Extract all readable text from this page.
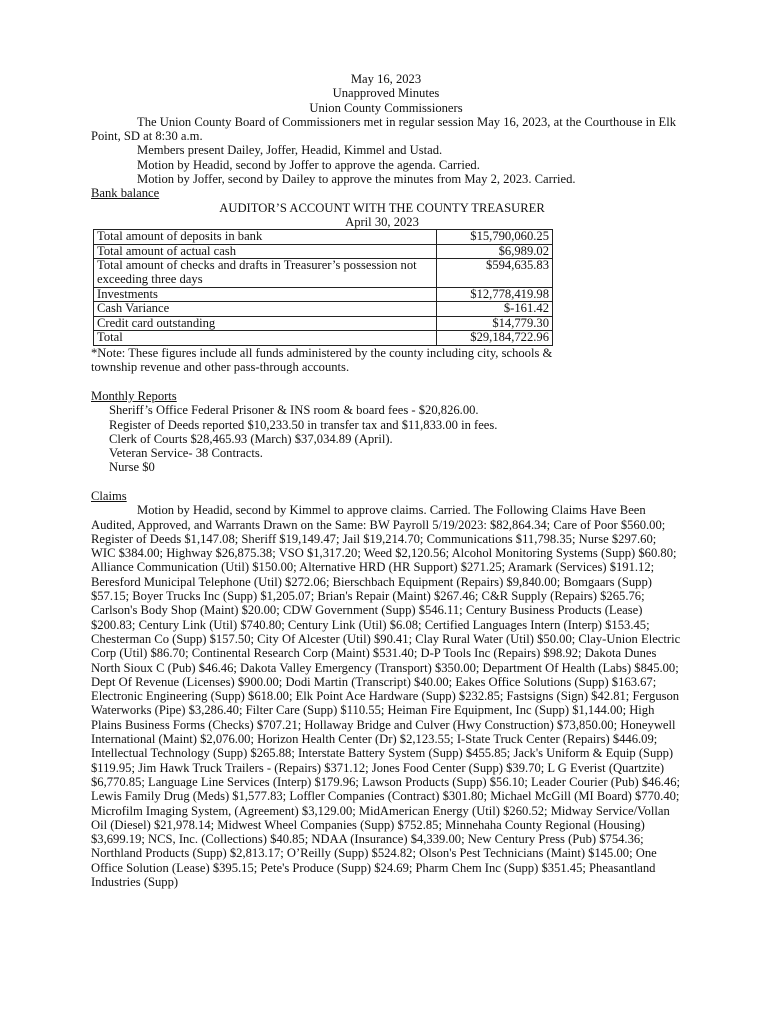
May 16, 2023

Unapproved Minutes

Union County Commissioners

The Union County Board of Commissioners met in regular session May 16, 2023, at the Courthouse in Elk Point, SD at 8:30 a.m.

Members present Dailey, Joffer, Headid, Kimmel and Ustad.

Motion by Headid, second by Joffer to approve the agenda. Carried.

Motion by Joffer, second by Dailey to approve the minutes from May 2, 2023. Carried.

Bank balance

AUDITOR’S ACCOUNT WITH THE COUNTY TREASURER

April 30, 2023

Total amount of deposits in bank	$15,790,060.25
Total amount of actual cash	$6,989.02
Total amount of checks and drafts in Treasurer’s possession not exceeding three days	$594,635.83
Investments	$12,778,419.98
Cash Variance	$-161.42
Credit card outstanding	$14,779.30
Total	$29,184,722.96

*Note: These figures include all funds administered by the county including city, schools & township revenue and other pass-through accounts.

Monthly Reports

Sheriff’s Office Federal Prisoner & INS room & board fees - $20,826.00.

Register of Deeds reported $10,233.50 in transfer tax and $11,833.00 in fees.

Clerk of Courts $28,465.93 (March) $37,034.89 (April).

Veteran Service- 38 Contracts.

Nurse $0

Claims

Motion by Headid, second by Kimmel to approve claims. Carried. The Following Claims Have Been Audited, Approved, and Warrants Drawn on the Same: BW Payroll 5/19/2023: $82,864.34; Care of Poor $560.00; Register of Deeds $1,147.08; Sheriff $19,149.47; Jail $19,214.70; Communications $11,798.35; Nurse $297.60; WIC $384.00; Highway $26,875.38; VSO $1,317.20; Weed $2,120.56; Alcohol Monitoring Systems (Supp) $60.80; Alliance Communication (Util) $150.00; Alternative HRD (HR Support) $271.25; Aramark (Services) $191.12; Beresford Municipal Telephone (Util) $272.06; Bierschbach Equipment (Repairs) $9,840.00; Bomgaars (Supp) $57.15; Boyer Trucks Inc (Supp) $1,205.07; Brian's Repair (Maint) $267.46; C&R Supply (Repairs) $265.76; Carlson's Body Shop (Maint) $20.00; CDW Government (Supp) $546.11; Century Business Products (Lease) $200.83; Century Link (Util) $740.80; Century Link (Util) $6.08; Certified Languages Intern (Interp) $153.45; Chesterman Co (Supp) $157.50; City Of Alcester (Util) $90.41; Clay Rural Water (Util) $50.00; Clay-Union Electric Corp (Util) $86.70; Continental Research Corp (Maint) $531.40; D-P Tools Inc (Repairs) $98.92; Dakota Dunes North Sioux C (Pub) $46.46; Dakota Valley Emergency (Transport) $350.00; Department Of Health (Labs) $845.00; Dept Of Revenue (Licenses) $900.00; Dodi Martin (Transcript) $40.00; Eakes Office Solutions (Supp) $163.67; Electronic Engineering (Supp) $618.00; Elk Point Ace Hardware (Supp) $232.85; Fastsigns (Sign) $42.81; Ferguson Waterworks (Pipe) $3,286.40; Filter Care (Supp) $110.55; Heiman Fire Equipment, Inc (Supp) $1,144.00; High Plains Business Forms (Checks) $707.21; Hollaway Bridge and Culver (Hwy Construction) $73,850.00; Honeywell International (Maint) $2,076.00; Horizon Health Center (Dr) $2,123.55; I-State Truck Center (Repairs) $446.09; Intellectual Technology (Supp) $265.88; Interstate Battery System (Supp) $455.85; Jack's Uniform & Equip (Supp) $119.95; Jim Hawk Truck Trailers - (Repairs) $371.12; Jones Food Center (Supp) $39.70; L G Everist (Quartzite) $6,770.85; Language Line Services (Interp) $179.96; Lawson Products (Supp) $56.10; Leader Courier (Pub) $46.46; Lewis Family Drug (Meds) $1,577.83; Loffler Companies (Contract) $301.80; Michael McGill (MI Board) $770.40; Microfilm Imaging System, (Agreement) $3,129.00; MidAmerican Energy (Util) $260.52; Midway Service/Vollan Oil (Diesel) $21,978.14; Midwest Wheel Companies (Supp) $752.85; Minnehaha County Regional (Housing) $3,699.19; NCS, Inc. (Collections) $40.85; NDAA (Insurance) $4,339.00; New Century Press (Pub) $754.36; Northland Products (Supp) $2,813.17; O’Reilly (Supp) $524.82; Olson's Pest Technicians (Maint) $145.00; One Office Solution (Lease) $395.15; Pete's Produce (Supp) $24.69; Pharm Chem Inc (Supp) $351.45; Pheasantland Industries (Supp)
